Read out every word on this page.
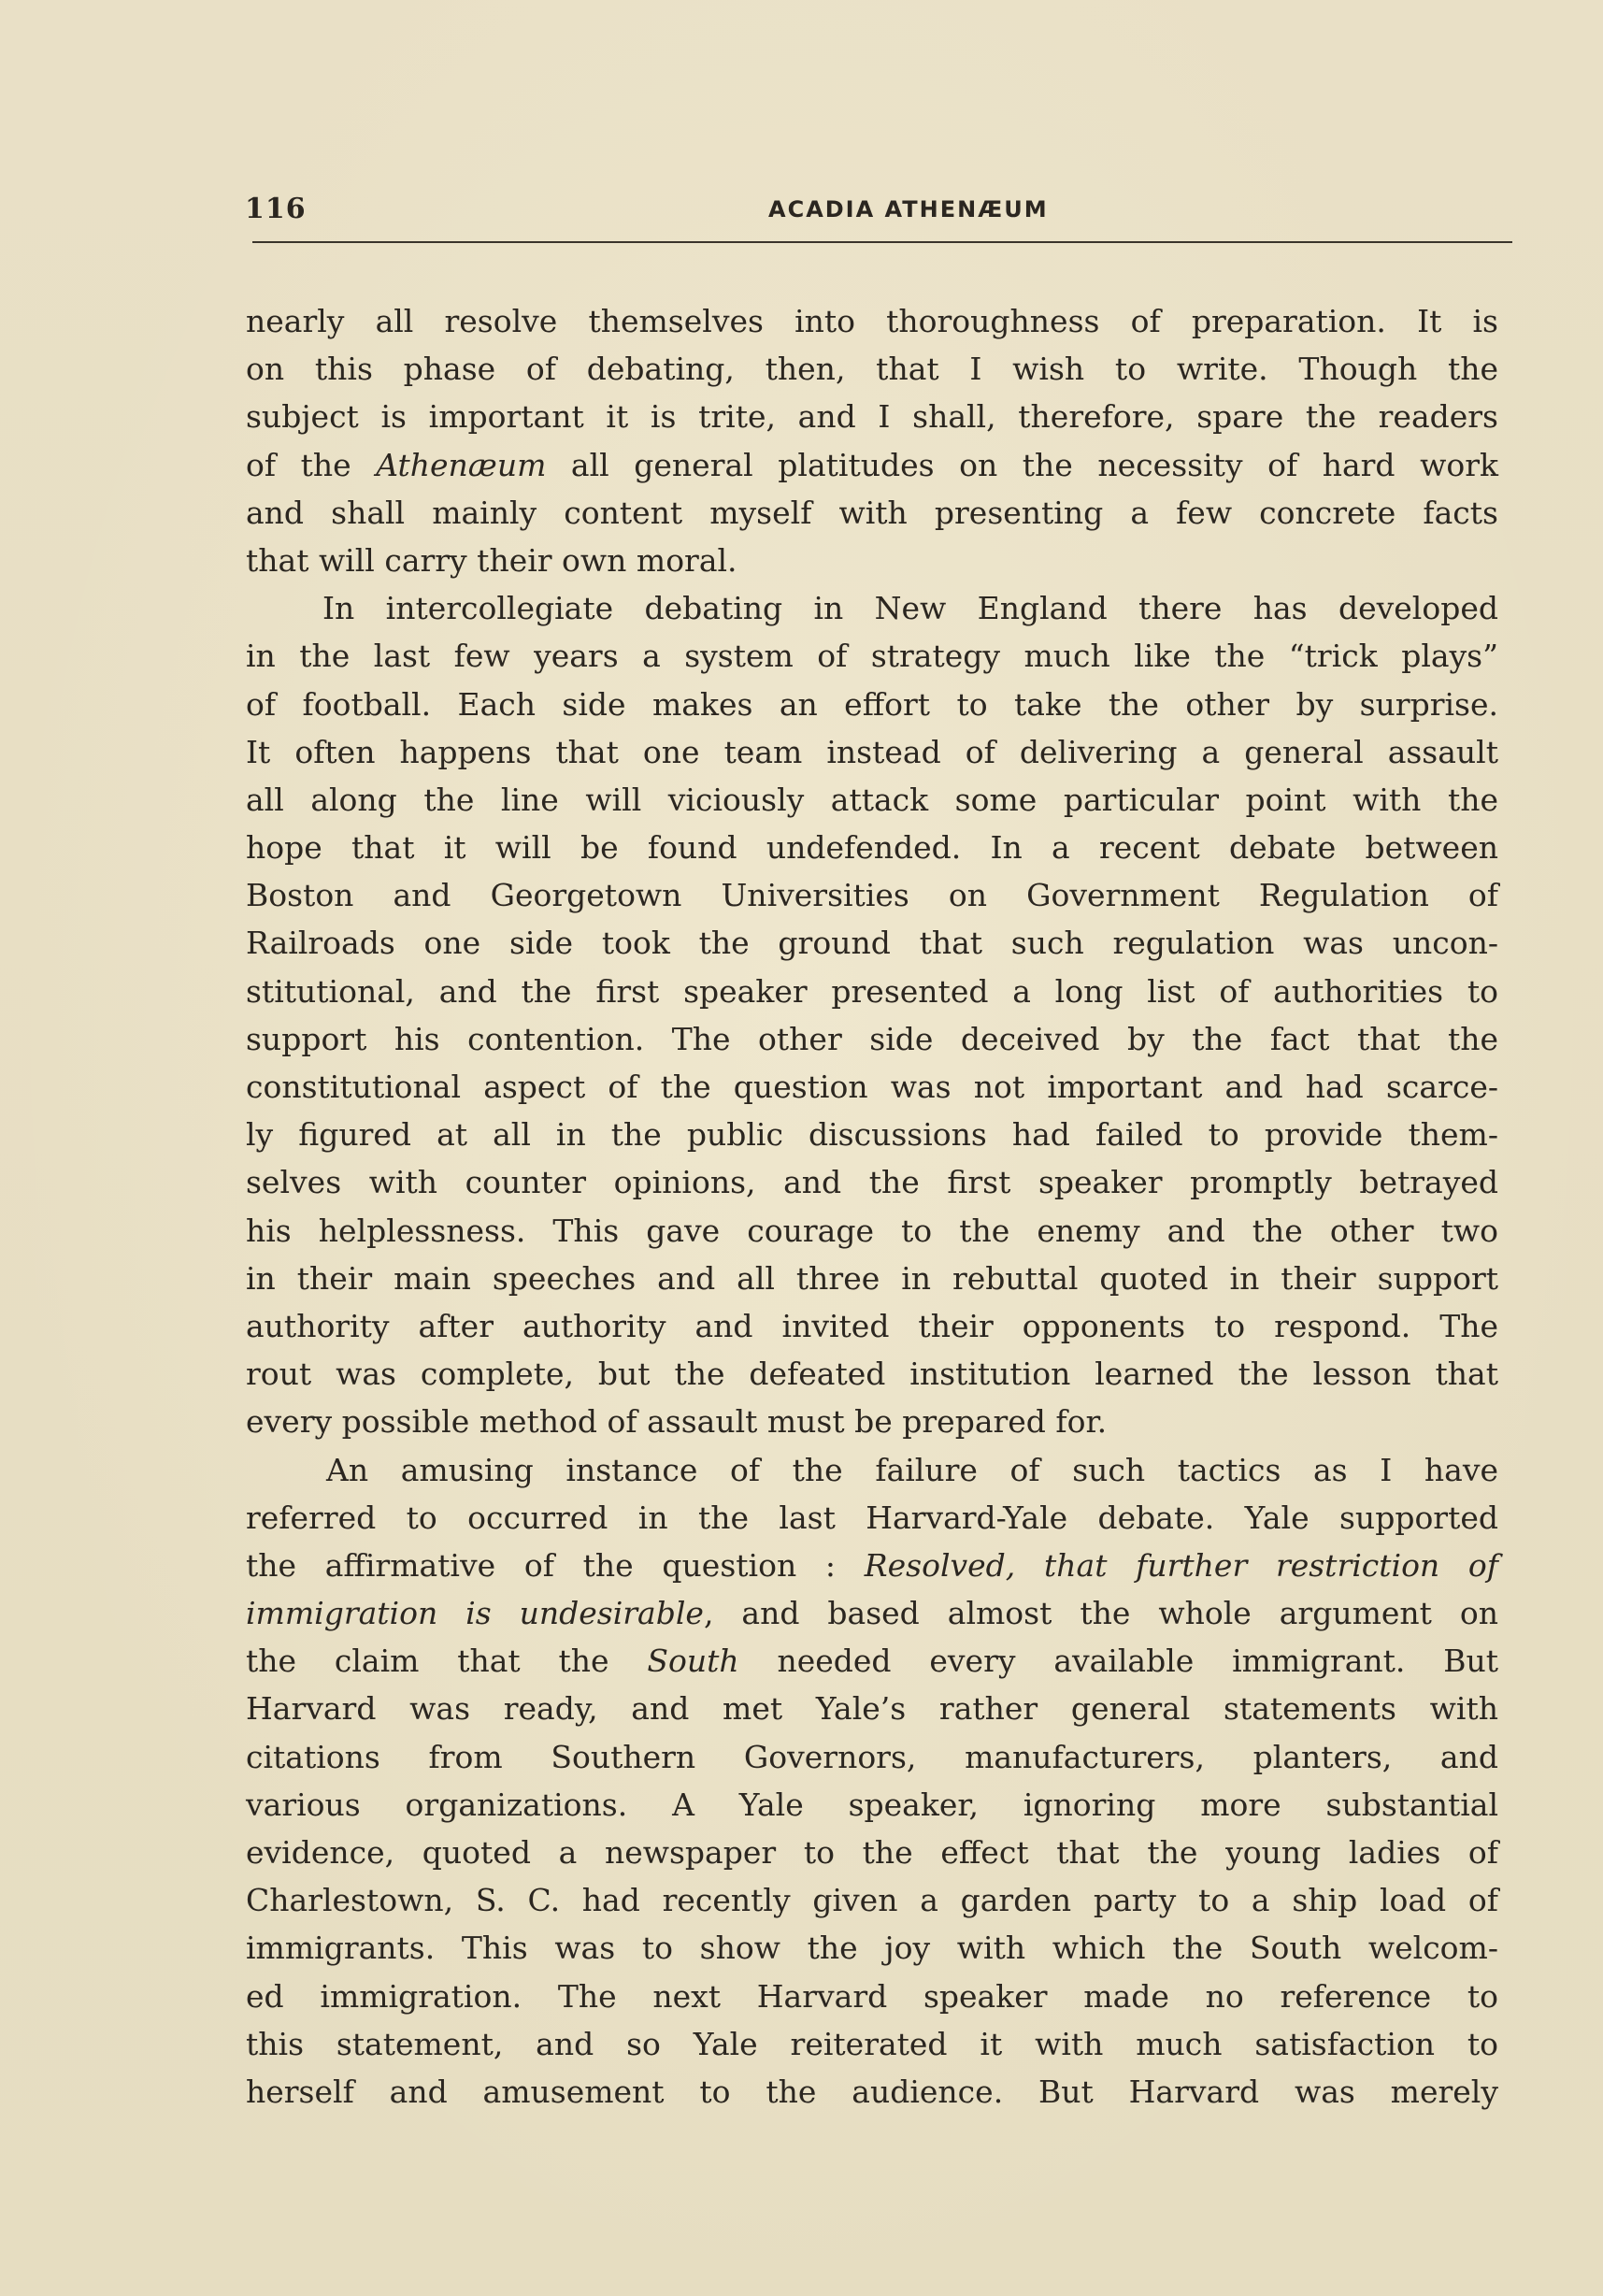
116	ACADIA ATHENÆUM
nearly all resolve themselves into thoroughness of preparation. It is
on this phase of debating, then, that I wish to write. Though the
subject is important it is trite, and I shall, therefore, spare the readers
of the Athenæum all general platitudes on the necessity of hard work
and shall mainly content myself with presenting a few concrete facts
that will carry their own moral.
In intercollegiate debating in New England there has developed
in the last few years a system of strategy much like the “trick plays”
of football. Each side makes an effort to take the other by surprise.
It often happens that one team instead of delivering a general assault
all along the line will viciously attack some particular point with the
hope that it will be found undefended. In a recent debate between
Boston and Georgetown Universities on Government Regulation of
Railroads one side took the ground that such regulation was uncon-
stitutional, and the first speaker presented a long list of authorities to
support his contention. The other side deceived by the fact that the
constitutional aspect of the question was not important and had scarce-
ly figured at all in the public discussions had failed to provide them-
selves with counter opinions, and the first speaker promptly betrayed
his helplessness. This gave courage to the enemy and the other two
in their main speeches and all three in rebuttal quoted in their support
authority after authority and invited their opponents to respond. The
rout was complete, but the defeated institution learned the lesson that
every possible method of assault must be prepared for.
An amusing instance of the failure of such tactics as I have
referred to occurred in the last Harvard-Yale debate. Yale supported
the affirmative of the question : Resolved, that further restriction of
immigration is undesirable, and based almost the whole argument on
the claim that the South needed every available immigrant. But
Harvard was ready, and met Yale’s rather general statements with
citations from Southern Governors, manufacturers, planters, and
various organizations. A Yale speaker, ignoring more substantial
evidence, quoted a newspaper to the effect that the young ladies of
Charlestown, S. C. had recently given a garden party to a ship load of
immigrants. This was to show the joy with which the South welcom-
ed immigration. The next Harvard speaker made no reference to
this statement, and so Yale reiterated it with much satisfaction to
herself and amusement to the audience. But Harvard was merely
